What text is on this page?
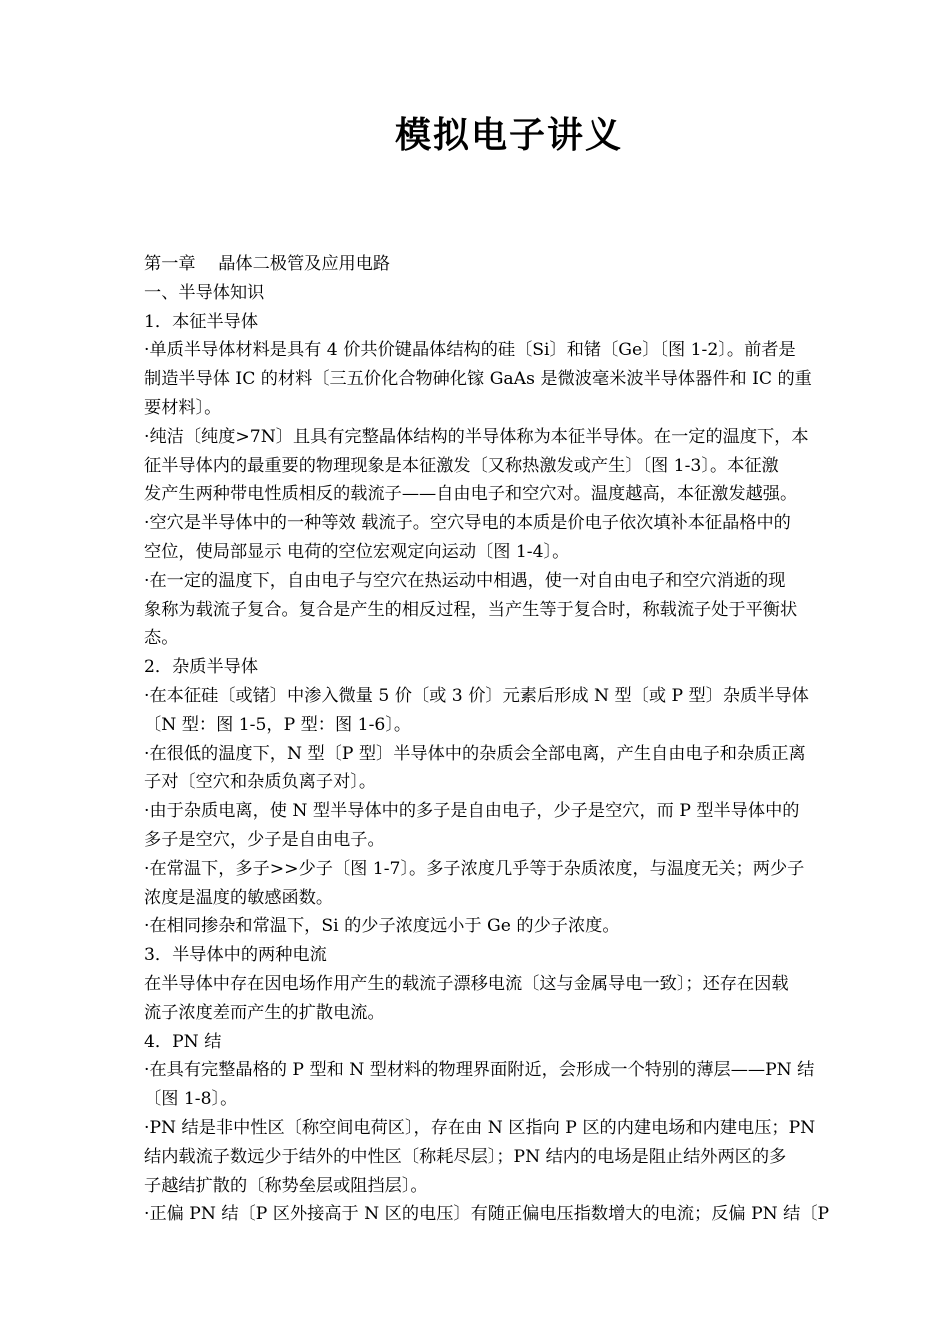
模拟电子讲义
第一章　 晶体二极管及应用电路
一、半导体知识
1．本征半导体
·单质半导体材料是具有 4 价共价键晶体结构的硅〔Si〕和锗〔Ge〕〔图 1-2〕。前者是
制造半导体 IC 的材料〔三五价化合物砷化镓 GaAs 是微波毫米波半导体器件和 IC 的重
要材料〕。
·纯洁〔纯度>7N〕且具有完整晶体结构的半导体称为本征半导体。在一定的温度下，本
征半导体内的最重要的物理现象是本征激发〔又称热激发或产生〕〔图 1-3〕。本征激
发产生两种带电性质相反的载流子——自由电子和空穴对。温度越高，本征激发越强。
·空穴是半导体中的一种等效 载流子。空穴导电的本质是价电子依次填补本征晶格中的
空位，使局部显示 电荷的空位宏观定向运动〔图 1-4〕。
·在一定的温度下，自由电子与空穴在热运动中相遇，使一对自由电子和空穴消逝的现
象称为载流子复合。复合是产生的相反过程，当产生等于复合时，称载流子处于平衡状
态。
2．杂质半导体
·在本征硅〔或锗〕中渗入微量 5 价〔或 3 价〕元素后形成 N 型〔或 P 型〕杂质半导体
〔N 型：图 1-5，P 型：图 1-6〕。
·在很低的温度下，N 型〔P 型〕半导体中的杂质会全部电离，产生自由电子和杂质正离
子对〔空穴和杂质负离子对〕。
·由于杂质电离，使 N 型半导体中的多子是自由电子，少子是空穴，而 P 型半导体中的
多子是空穴，少子是自由电子。
·在常温下，多子>>少子〔图 1-7〕。多子浓度几乎等于杂质浓度，与温度无关；两少子
浓度是温度的敏感函数。
·在相同掺杂和常温下，Si 的少子浓度远小于 Ge 的少子浓度。
3．半导体中的两种电流
在半导体中存在因电场作用产生的载流子漂移电流〔这与金属导电一致〕；还存在因载
流子浓度差而产生的扩散电流。
4．PN 结
·在具有完整晶格的 P 型和 N 型材料的物理界面附近，会形成一个特别的薄层——PN 结
〔图 1-8〕。
·PN 结是非中性区〔称空间电荷区〕，存在由 N 区指向 P 区的内建电场和内建电压；PN
结内载流子数远少于结外的中性区〔称耗尽层〕；PN 结内的电场是阻止结外两区的多
子越结扩散的〔称势垒层或阻挡层〕。
·正偏 PN 结〔P 区外接高于 N 区的电压〕有随正偏电压指数增大的电流；反偏 PN 结〔P
